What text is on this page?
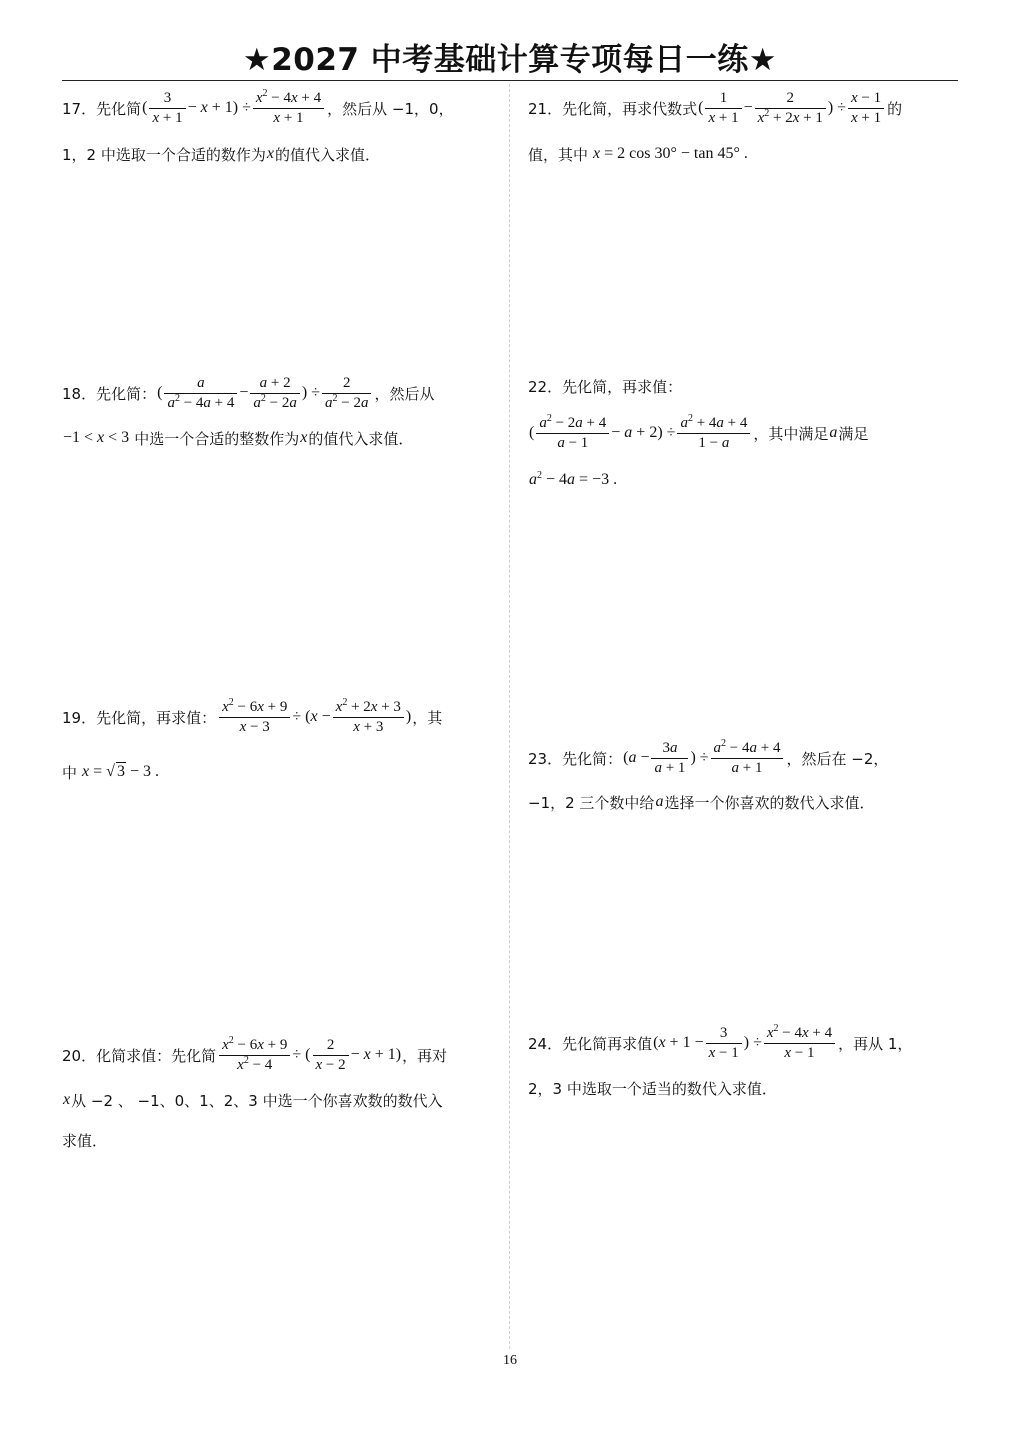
★2027 中考基础计算专项每日一练★
17． 先化简 ( $\frac{3}{x + 1} - x + 1) \div \frac{x^2 - 4x + 4}{x + 1}$ ，然后从 −1，0，
1，2 中选取一个合适的数作为 x 的值代入求值．
18． 先化简： ( $\frac{a}{a^2 - 4a + 4} - \frac{a + 2}{a^2 - 2a}$ ) ÷ $\frac{2}{a^2 - 2a}$ ，然后从
−1 < x < 3 中选一个合适的整数作为 x 的值代入求值．
19． 先化简，再求值： $\frac{x^2 - 6x + 9}{x - 3}$ ÷ ( $x - \frac{x^2 + 2x + 3}{x + 3}$ ) ，其
中 x = √ 3 − 3 .
20． 化简求值：先化简 $\frac{x^2 - 6x + 9}{x^2 - 4}$ ÷ ( $\frac{2}{x - 2} - x + 1$) ，再对
x 从 −2 、 −1、0、1、2、3 中选一个你喜欢数的数代入
求值．
21． 先化简，再求代数式 ( $\frac{1}{x + 1} - \frac{2}{x^2 + 2x + 1}$ ) ÷ $\frac{x - 1}{x + 1}$ 的
值，其中 x = 2 cos 30° − tan 45° .
22． 先化简，再求值：
( $\frac{a^2 - 2a + 4}{a - 1} - a + 2) \div \frac{a^2 + 4a + 4}{1 - a}$ ，其中满足 a 满足
$a^2 - 4a = -3$ .
23． 先化简： ( $a - \frac{3a}{a + 1}$ ) ÷ $\frac{a^2 - 4a + 4}{a + 1}$ ，然后在 −2，
−1，2 三个数中给 a 选择一个你喜欢的数代入求值．
24． 先化简再求值 ( $x + 1 - \frac{3}{x - 1}$ ) ÷ $\frac{x^2 - 4x + 4}{x - 1}$ ，再从 1，
2，3 中选取一个适当的数代入求值．
16
